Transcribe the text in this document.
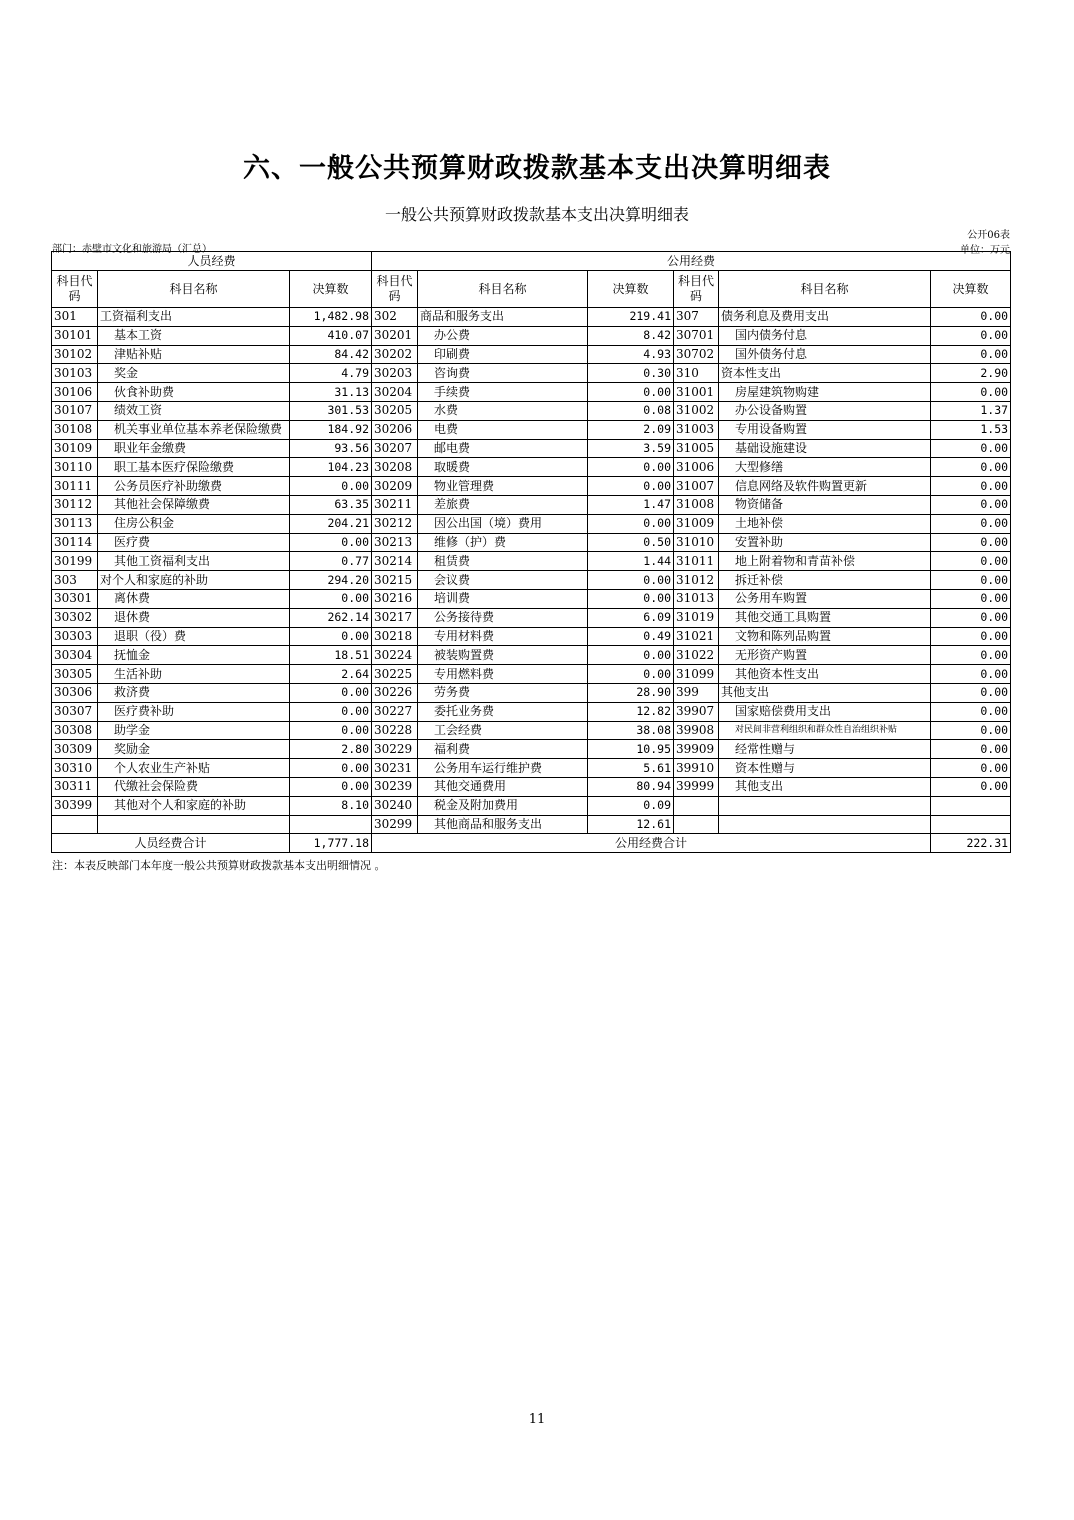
六、一般公共预算财政拨款基本支出决算明细表
一般公共预算财政拨款基本支出决算明细表
公开06表
部门：赤壁市文化和旅游局（汇总）	单位：万元
人员经费			公用经费					
科目代码	科目名称	决算数	科目代码	科目名称	决算数	科目代码	科目名称	决算数
301	工资福利支出	1,482.98	302	商品和服务支出	219.41	307	债务利息及费用支出	0.00
30101	基本工资	410.07	30201	办公费	8.42	30701	国内债务付息	0.00
30102	津贴补贴	84.42	30202	印刷费	4.93	30702	国外债务付息	0.00
30103	奖金	4.79	30203	咨询费	0.30	310	资本性支出	2.90
30106	伙食补助费	31.13	30204	手续费	0.00	31001	房屋建筑物购建	0.00
30107	绩效工资	301.53	30205	水费	0.08	31002	办公设备购置	1.37
30108	机关事业单位基本养老保险缴费	184.92	30206	电费	2.09	31003	专用设备购置	1.53
30109	职业年金缴费	93.56	30207	邮电费	3.59	31005	基础设施建设	0.00
30110	职工基本医疗保险缴费	104.23	30208	取暖费	0.00	31006	大型修缮	0.00
30111	公务员医疗补助缴费	0.00	30209	物业管理费	0.00	31007	信息网络及软件购置更新	0.00
30112	其他社会保障缴费	63.35	30211	差旅费	1.47	31008	物资储备	0.00
30113	住房公积金	204.21	30212	因公出国（境）费用	0.00	31009	土地补偿	0.00
30114	医疗费	0.00	30213	维修（护）费	0.50	31010	安置补助	0.00
30199	其他工资福利支出	0.77	30214	租赁费	1.44	31011	地上附着物和青苗补偿	0.00
303	对个人和家庭的补助	294.20	30215	会议费	0.00	31012	拆迁补偿	0.00
30301	离休费	0.00	30216	培训费	0.00	31013	公务用车购置	0.00
30302	退休费	262.14	30217	公务接待费	6.09	31019	其他交通工具购置	0.00
30303	退职（役）费	0.00	30218	专用材料费	0.49	31021	文物和陈列品购置	0.00
30304	抚恤金	18.51	30224	被装购置费	0.00	31022	无形资产购置	0.00
30305	生活补助	2.64	30225	专用燃料费	0.00	31099	其他资本性支出	0.00
30306	救济费	0.00	30226	劳务费	28.90	399	其他支出	0.00
30307	医疗费补助	0.00	30227	委托业务费	12.82	39907	国家赔偿费用支出	0.00
30308	助学金	0.00	30228	工会经费	38.08	39908	对民间非营利组织和群众性自治组织补贴	0.00
30309	奖励金	2.80	30229	福利费	10.95	39909	经常性赠与	0.00
30310	个人农业生产补贴	0.00	30231	公务用车运行维护费	5.61	39910	资本性赠与	0.00
30311	代缴社会保险费	0.00	30239	其他交通费用	80.94	39999	其他支出	0.00
30399	其他对个人和家庭的补助	8.10	30240	税金及附加费用	0.09			
			30299	其他商品和服务支出	12.61			
人员经费合计		1,777.18	公用经费合计					222.31
注：本表反映部门本年度一般公共预算财政拨款基本支出明细情况 。
11
